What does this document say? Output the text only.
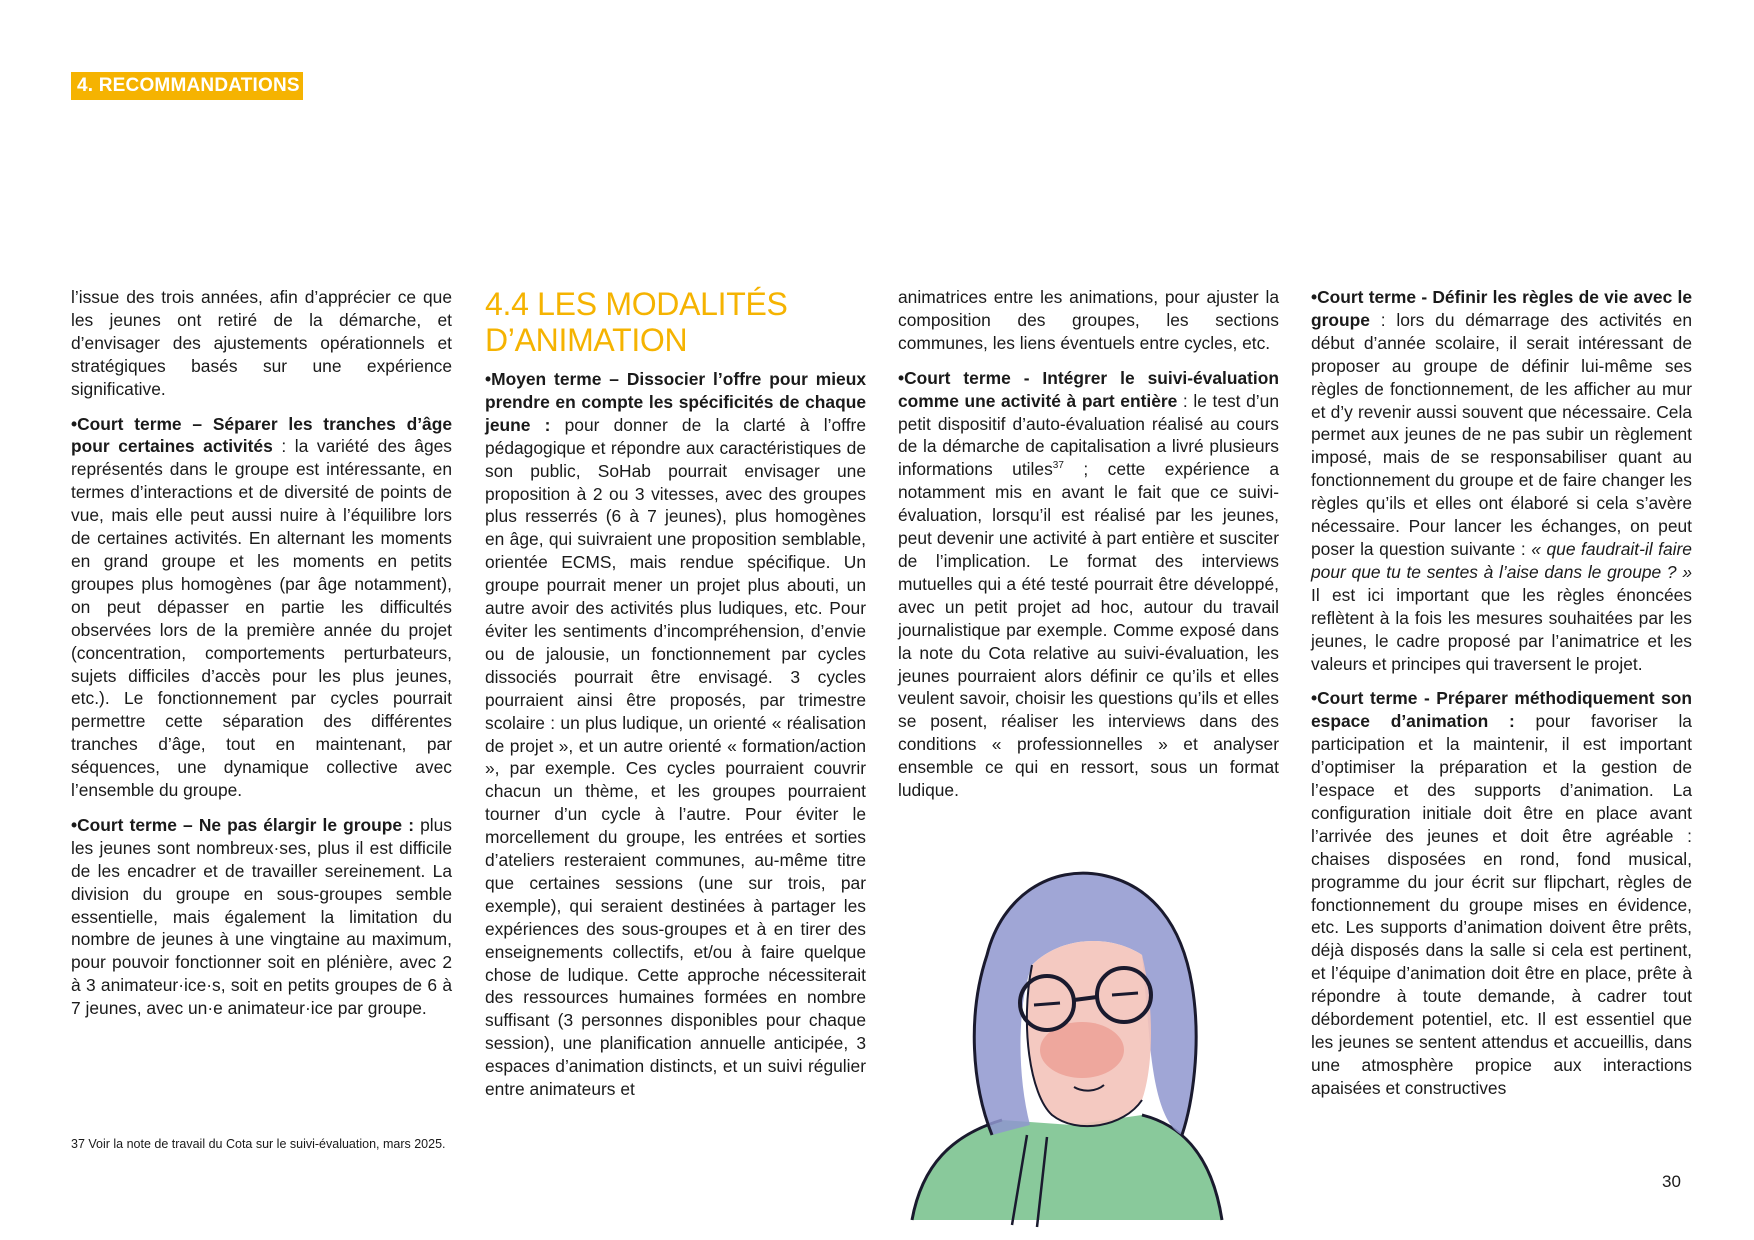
4. RECOMMANDATIONS

l’issue des trois années, afin d’apprécier ce que les jeunes ont retiré de la démarche, et d’envisager des ajustements opérationnels et stratégiques basés sur une expérience significative.

•Court terme – Séparer les tranches d’âge pour certaines activités : la variété des âges représentés dans le groupe est intéressante, en termes d’interactions et de diversité de points de vue, mais elle peut aussi nuire à l’équilibre lors de certaines activités. En alternant les moments en grand groupe et les moments en petits groupes plus homogènes (par âge notamment), on peut dépasser en partie les difficultés observées lors de la première année du projet (concentration, comportements perturbateurs, sujets difficiles d’accès pour les plus jeunes, etc.). Le fonctionnement par cycles pourrait permettre cette séparation des différentes tranches d’âge, tout en maintenant, par séquences, une dynamique collective avec l’ensemble du groupe.

•Court terme – Ne pas élargir le groupe : plus les jeunes sont nombreux·ses, plus il est difficile de les encadrer et de travailler sereinement. La division du groupe en sous-groupes semble essentielle, mais également la limitation du nombre de jeunes à une vingtaine au maximum, pour pouvoir fonctionner soit en plénière, avec 2 à 3 animateur·ice·s, soit en petits groupes de 6 à 7 jeunes, avec un·e animateur·ice par groupe.

4.4 LES MODALITÉS D’ANIMATION

•Moyen terme – Dissocier l’offre pour mieux prendre en compte les spécificités de chaque jeune : pour donner de la clarté à l’offre pédagogique et répondre aux caractéristiques de son public, SoHab pourrait envisager une proposition à 2 ou 3 vitesses, avec des groupes plus resserrés (6 à 7 jeunes), plus homogènes en âge, qui suivraient une proposition semblable, orientée ECMS, mais rendue spécifique. Un groupe pourrait mener un projet plus abouti, un autre avoir des activités plus ludiques, etc. Pour éviter les sentiments d’incompréhension, d’envie ou de jalousie, un fonctionnement par cycles dissociés pourrait être envisagé. 3 cycles pourraient ainsi être proposés, par trimestre scolaire : un plus ludique, un orienté « réalisation de projet », et un autre orienté « formation/action », par exemple. Ces cycles pourraient couvrir chacun un thème, et les groupes pourraient tourner d’un cycle à l’autre. Pour éviter le morcellement du groupe, les entrées et sorties d’ateliers resteraient communes, au-même titre que certaines sessions (une sur trois, par exemple), qui seraient destinées à partager les expériences des sous-groupes et à en tirer des enseignements collectifs, et/ou à faire quelque chose de ludique. Cette approche nécessiterait des ressources humaines formées en nombre suffisant (3 personnes disponibles pour chaque session), une planification annuelle anticipée, 3 espaces d’animation distincts, et un suivi régulier entre animateurs et

animatrices entre les animations, pour ajuster la composition des groupes, les sections communes, les liens éventuels entre cycles, etc.

•Court terme - Intégrer le suivi-évaluation comme une activité à part entière : le test d’un petit dispositif d’auto-évaluation réalisé au cours de la démarche de capitalisation a livré plusieurs informations utiles$^{37}$ ; cette expérience a notamment mis en avant le fait que ce suivi-évaluation, lorsqu’il est réalisé par les jeunes, peut devenir une activité à part entière et susciter de l’implication. Le format des interviews mutuelles qui a été testé pourrait être développé, avec un petit projet ad hoc, autour du travail journalistique par exemple. Comme exposé dans la note du Cota relative au suivi-évaluation, les jeunes pourraient alors définir ce qu’ils et elles veulent savoir, choisir les questions qu’ils et elles se posent, réaliser les interviews dans des conditions « professionnelles » et analyser ensemble ce qui en ressort, sous un format ludique.

•Court terme - Définir les règles de vie avec le groupe : lors du démarrage des activités en début d’année scolaire, il serait intéressant de proposer au groupe de définir lui-même ses règles de fonctionnement, de les afficher au mur et d’y revenir aussi souvent que nécessaire. Cela permet aux jeunes de ne pas subir un règlement imposé, mais de se responsabiliser quant au fonctionnement du groupe et de faire changer les règles qu’ils et elles ont élaboré si cela s’avère nécessaire. Pour lancer les échanges, on peut poser la question suivante : « que faudrait-il faire pour que tu te sentes à l’aise dans le groupe ? » Il est ici important que les règles énoncées reflètent à la fois les mesures souhaitées par les jeunes, le cadre proposé par l’animatrice et les valeurs et principes qui traversent le projet.

•Court terme - Préparer méthodiquement son espace d’animation : pour favoriser la participation et la maintenir, il est important d’optimiser la préparation et la gestion de l’espace et des supports d’animation. La configuration initiale doit être en place avant l’arrivée des jeunes et doit être agréable : chaises disposées en rond, fond musical, programme du jour écrit sur flipchart, règles de fonctionnement du groupe mises en évidence, etc. Les supports d’animation doivent être prêts, déjà disposés dans la salle si cela est pertinent, et l’équipe d’animation doit être en place, prête à répondre à toute demande, à cadrer tout débordement potentiel, etc. Il est essentiel que les jeunes se sentent attendus et accueillis, dans une atmosphère propice aux interactions apaisées et constructives

37 Voir la note de travail du Cota sur le suivi-évaluation, mars 2025.
30
